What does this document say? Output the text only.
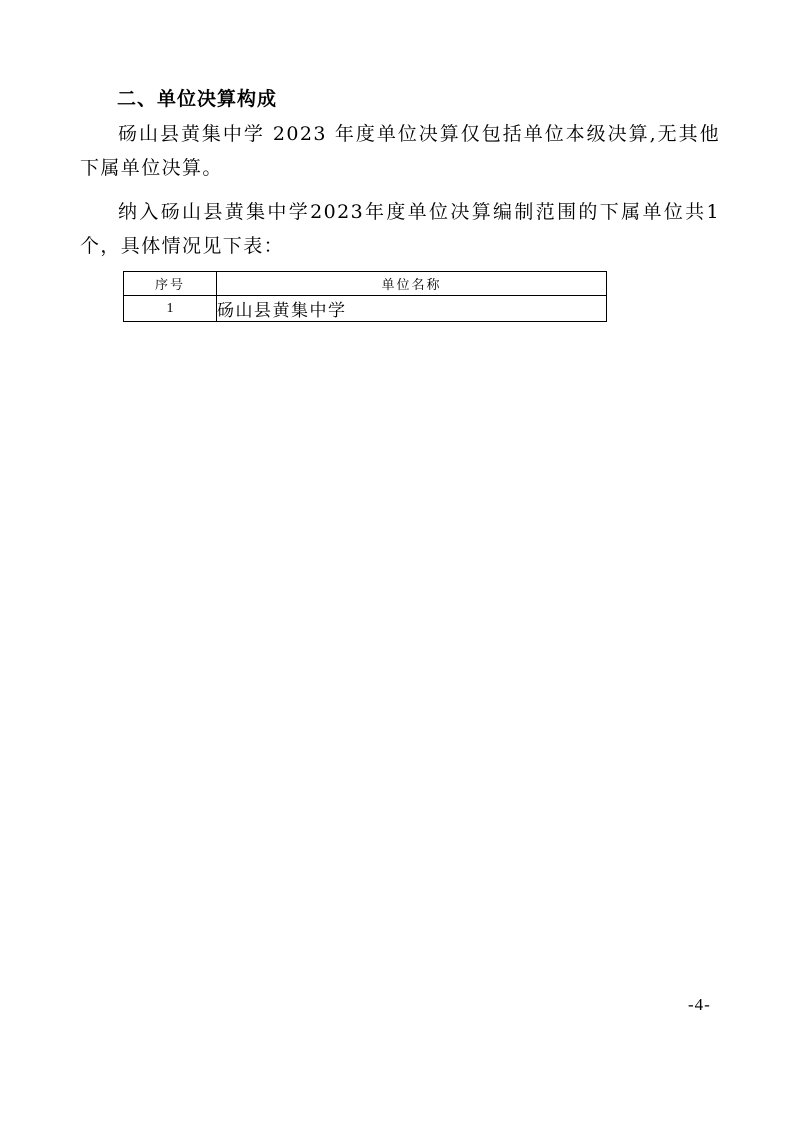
二、单位决算构成

砀山县黄集中学 2023 年度单位决算仅包括单位本级决算,无其他下属单位决算。

纳入砀山县黄集中学2023年度单位决算编制范围的下属单位共1个，具体情况见下表：

序号	单位名称
1	砀山县黄集中学
-4-
